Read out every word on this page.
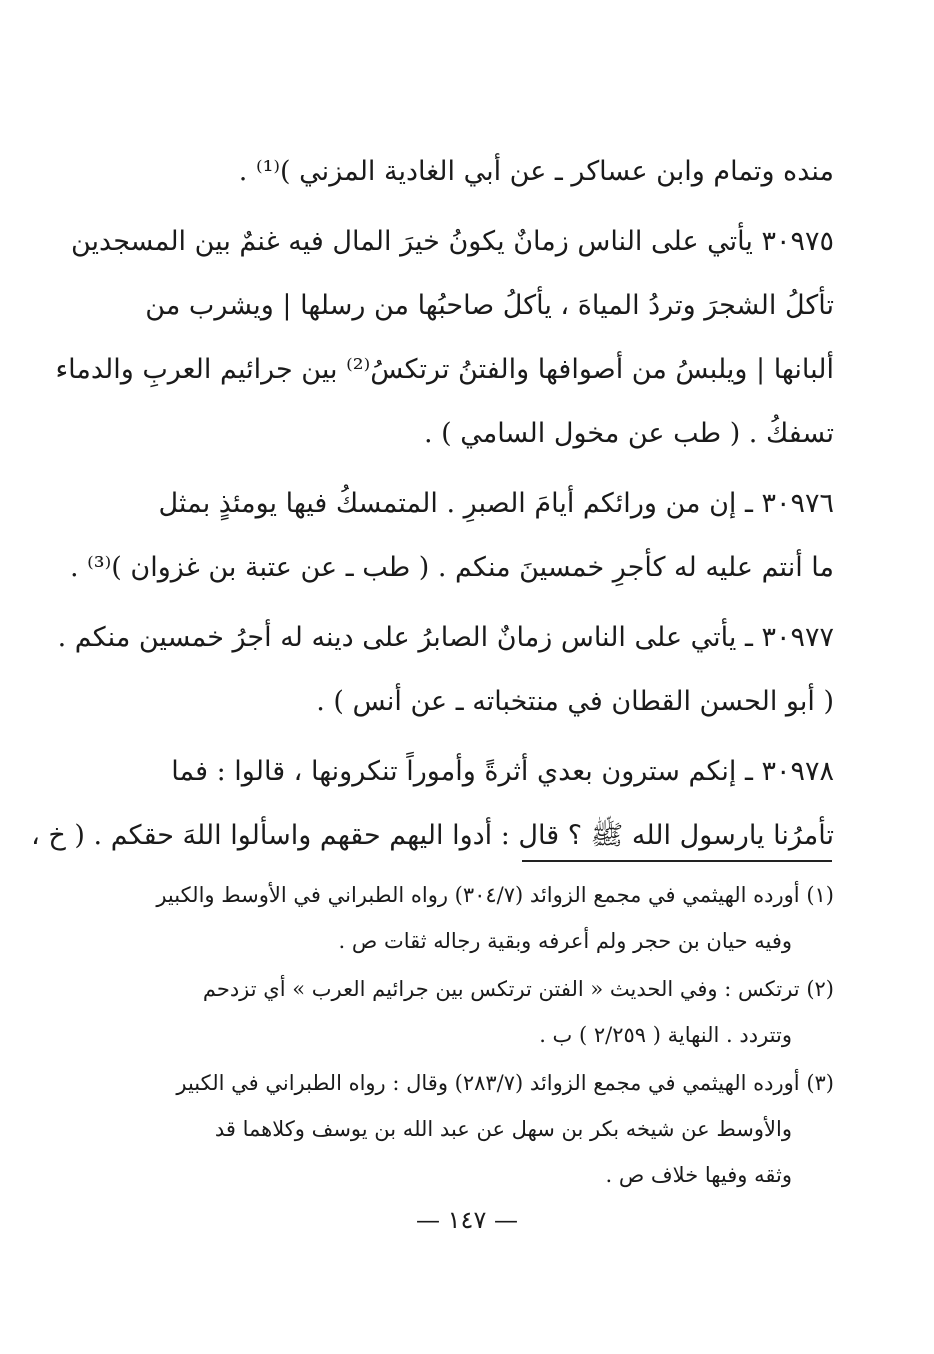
منده وتمام وابن عساكر ـ عن أبي الغادية المزني )⁽¹⁾ .
٣٠٩٧٥ يأتي على الناس زمانٌ يكونُ خيرَ المال فيه غنمٌ بين المسجدين
تأكلُ الشجرَ وتردُ المياهَ ، يأكلُ صاحبُها من رسلها | ويشرب من
ألبانها | ويلبسُ من أصوافها والفتنُ ترتكسُ⁽²⁾ بين جرائيم العربِ والدماء
تسفكُ . ( طب عن مخول السامي ) .
٣٠٩٧٦ ـ إن من ورائكم أيامَ الصبرِ . المتمسكُ فيها يومئذٍ بمثل
ما أنتم عليه له كأجرِ خمسينَ منكم . ( طب ـ عن عتبة بن غزوان )⁽³⁾ .
٣٠٩٧٧ ـ يأتي على الناس زمانٌ الصابرُ على دينه له أجرُ خمسين منكم .
( أبو الحسن القطان في منتخباته ـ عن أنس ) .
٣٠٩٧٨ ـ إنكم سترون بعدي أثرةً وأموراً تنكرونها ، قالوا : فما
تأمرُنا يارسول الله ﷺ ؟ قال : أدوا اليهم حقهم واسألوا اللهَ حقكم . ( خ ،
(١) أورده الهيثمي في مجمع الزوائد (٣٠٤/٧) رواه الطبراني في الأوسط والكبير
وفيه حيان بن حجر ولم أعرفه وبقية رجاله ثقات ص .
(٢) ترتكس : وفي الحديث « الفتن ترتكس بين جرائيم العرب » أي تزدحم
وتتردد . النهاية ( ٢/٢٥٩ ) ب .
(٣) أورده الهيثمي في مجمع الزوائد (٢٨٣/٧) وقال : رواه الطبراني في الكبير
والأوسط عن شيخه بكر بن سهل عن عبد الله بن يوسف وكلاهما قد
وثقه وفيها خلاف ص .
— ١٤٧ —
